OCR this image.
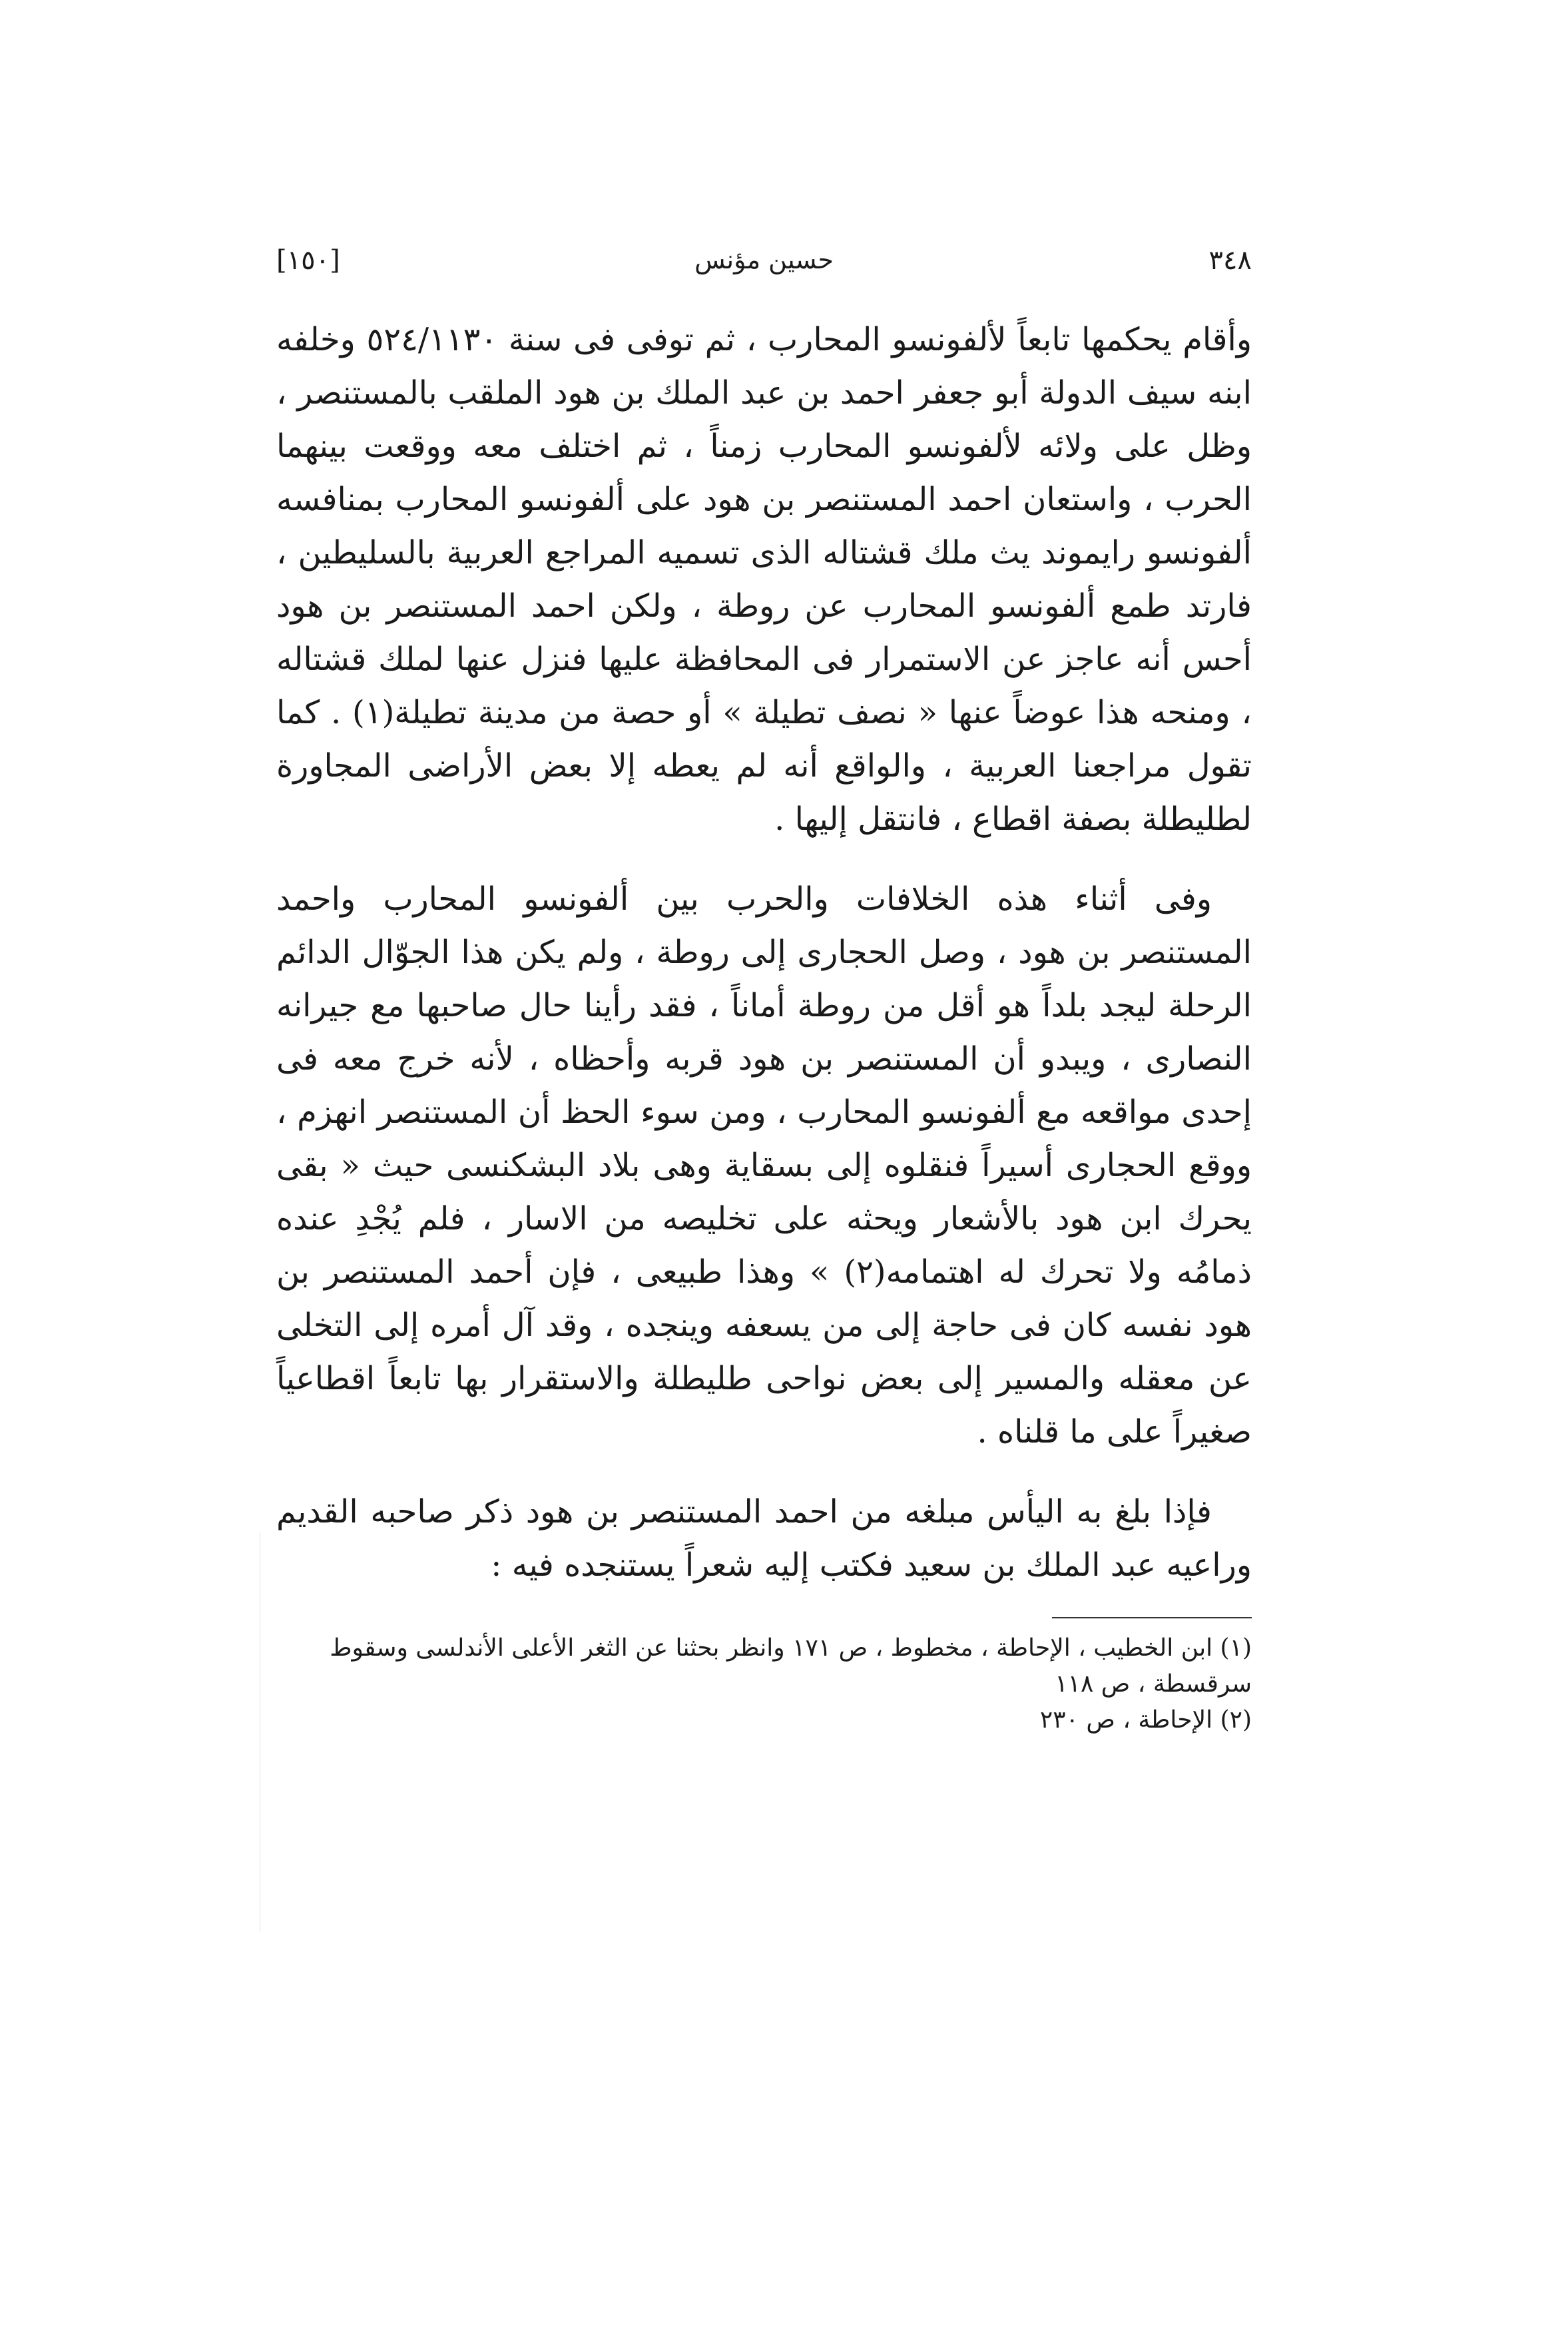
[١٥٠]	حسين مؤنس	٣٤٨

وأقام يحكمها تابعاً لألفونسو المحارب ، ثم توفى فى سنة ٥٢٤/١١٣٠ وخلفه ابنه سيف الدولة أبو جعفر احمد بن عبد الملك بن هود الملقب بالمستنصر ، وظل على ولائه لألفونسو المحارب زمناً ، ثم اختلف معه ووقعت بينهما الحرب ، واستعان احمد المستنصر بن هود على ألفونسو المحارب بمنافسه ألفونسو رايموند يث ملك قشتاله الذى تسميه المراجع العربية بالسليطين ، فارتد طمع ألفونسو المحارب عن روطة ، ولكن احمد المستنصر بن هود أحس أنه عاجز عن الاستمرار فى المحافظة عليها فنزل عنها لملك قشتاله ، ومنحه هذا عوضاً عنها « نصف تطيلة » أو حصة من مدينة تطيلة(١) . كما تقول مراجعنا العربية ، والواقع أنه لم يعطه إلا بعض الأراضى المجاورة لطليطلة بصفة اقطاع ، فانتقل إليها .

وفى أثناء هذه الخلافات والحرب بين ألفونسو المحارب واحمد المستنصر بن هود ، وصل الحجارى إلى روطة ، ولم يكن هذا الجوّال الدائم الرحلة ليجد بلداً هو أقل من روطة أماناً ، فقد رأينا حال صاحبها مع جيرانه النصارى ، ويبدو أن المستنصر بن هود قربه وأحظاه ، لأنه خرج معه فى إحدى مواقعه مع ألفونسو المحارب ، ومن سوء الحظ أن المستنصر انهزم ، ووقع الحجارى أسيراً فنقلوه إلى بسقاية وهى بلاد البشكنسى حيث « بقى يحرك ابن هود بالأشعار ويحثه على تخليصه من الاسار ، فلم يُجْدِ عنده ذمامُه ولا تحرك له اهتمامه(٢) » وهذا طبيعى ، فإن أحمد المستنصر بن هود نفسه كان فى حاجة إلى من يسعفه وينجده ، وقد آل أمره إلى التخلى عن معقله والمسير إلى بعض نواحى طليطلة والاستقرار بها تابعاً اقطاعياً صغيراً على ما قلناه .

فإذا بلغ به اليأس مبلغه من احمد المستنصر بن هود ذكر صاحبه القديم وراعيه عبد الملك بن سعيد فكتب إليه شعراً يستنجده فيه :

(١) ابن الخطيب ، الإحاطة ، مخطوط ، ص ١٧١ وانظر بحثنا عن الثغر الأعلى الأندلسى وسقوط سرقسطة ، ص ١١٨

(٢) الإحاطة ، ص ٢٣٠
